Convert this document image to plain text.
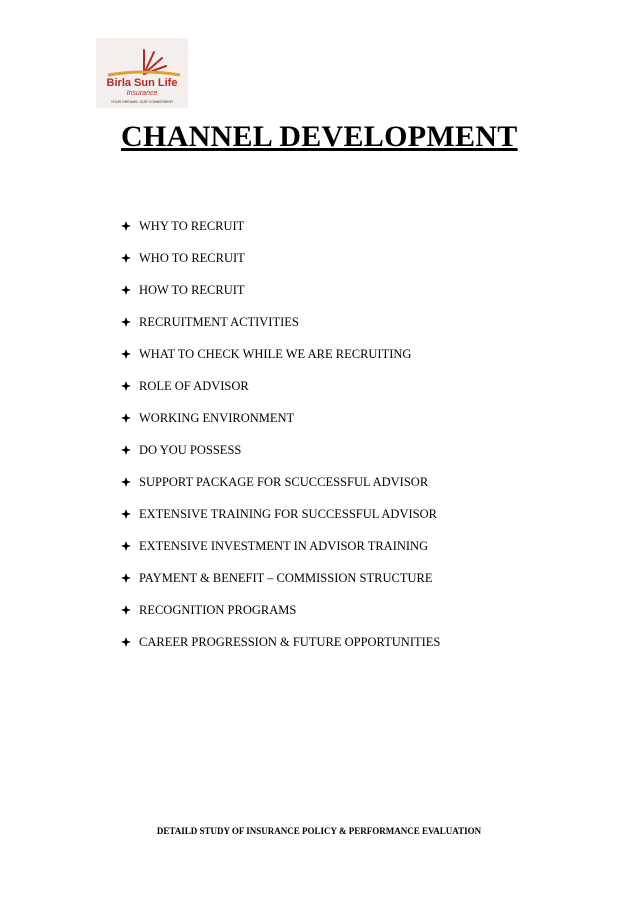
Birla Sun Life
Insurance
YOUR DREAMS. OUR COMMITMENT
CHANNEL DEVELOPMENT
WHY TO RECRUIT
WHO TO RECRUIT
HOW TO RECRUIT
RECRUITMENT ACTIVITIES
WHAT TO CHECK WHILE WE ARE RECRUITING
ROLE OF ADVISOR
WORKING ENVIRONMENT
DO YOU POSSESS
SUPPORT PACKAGE FOR SCUCCESSFUL ADVISOR
EXTENSIVE TRAINING FOR SUCCESSFUL ADVISOR
EXTENSIVE INVESTMENT IN ADVISOR TRAINING
PAYMENT & BENEFIT – COMMISSION STRUCTURE
RECOGNITION PROGRAMS
CAREER PROGRESSION & FUTURE OPPORTUNITIES
DETAILD STUDY OF INSURANCE POLICY & PERFORMANCE EVALUATION
